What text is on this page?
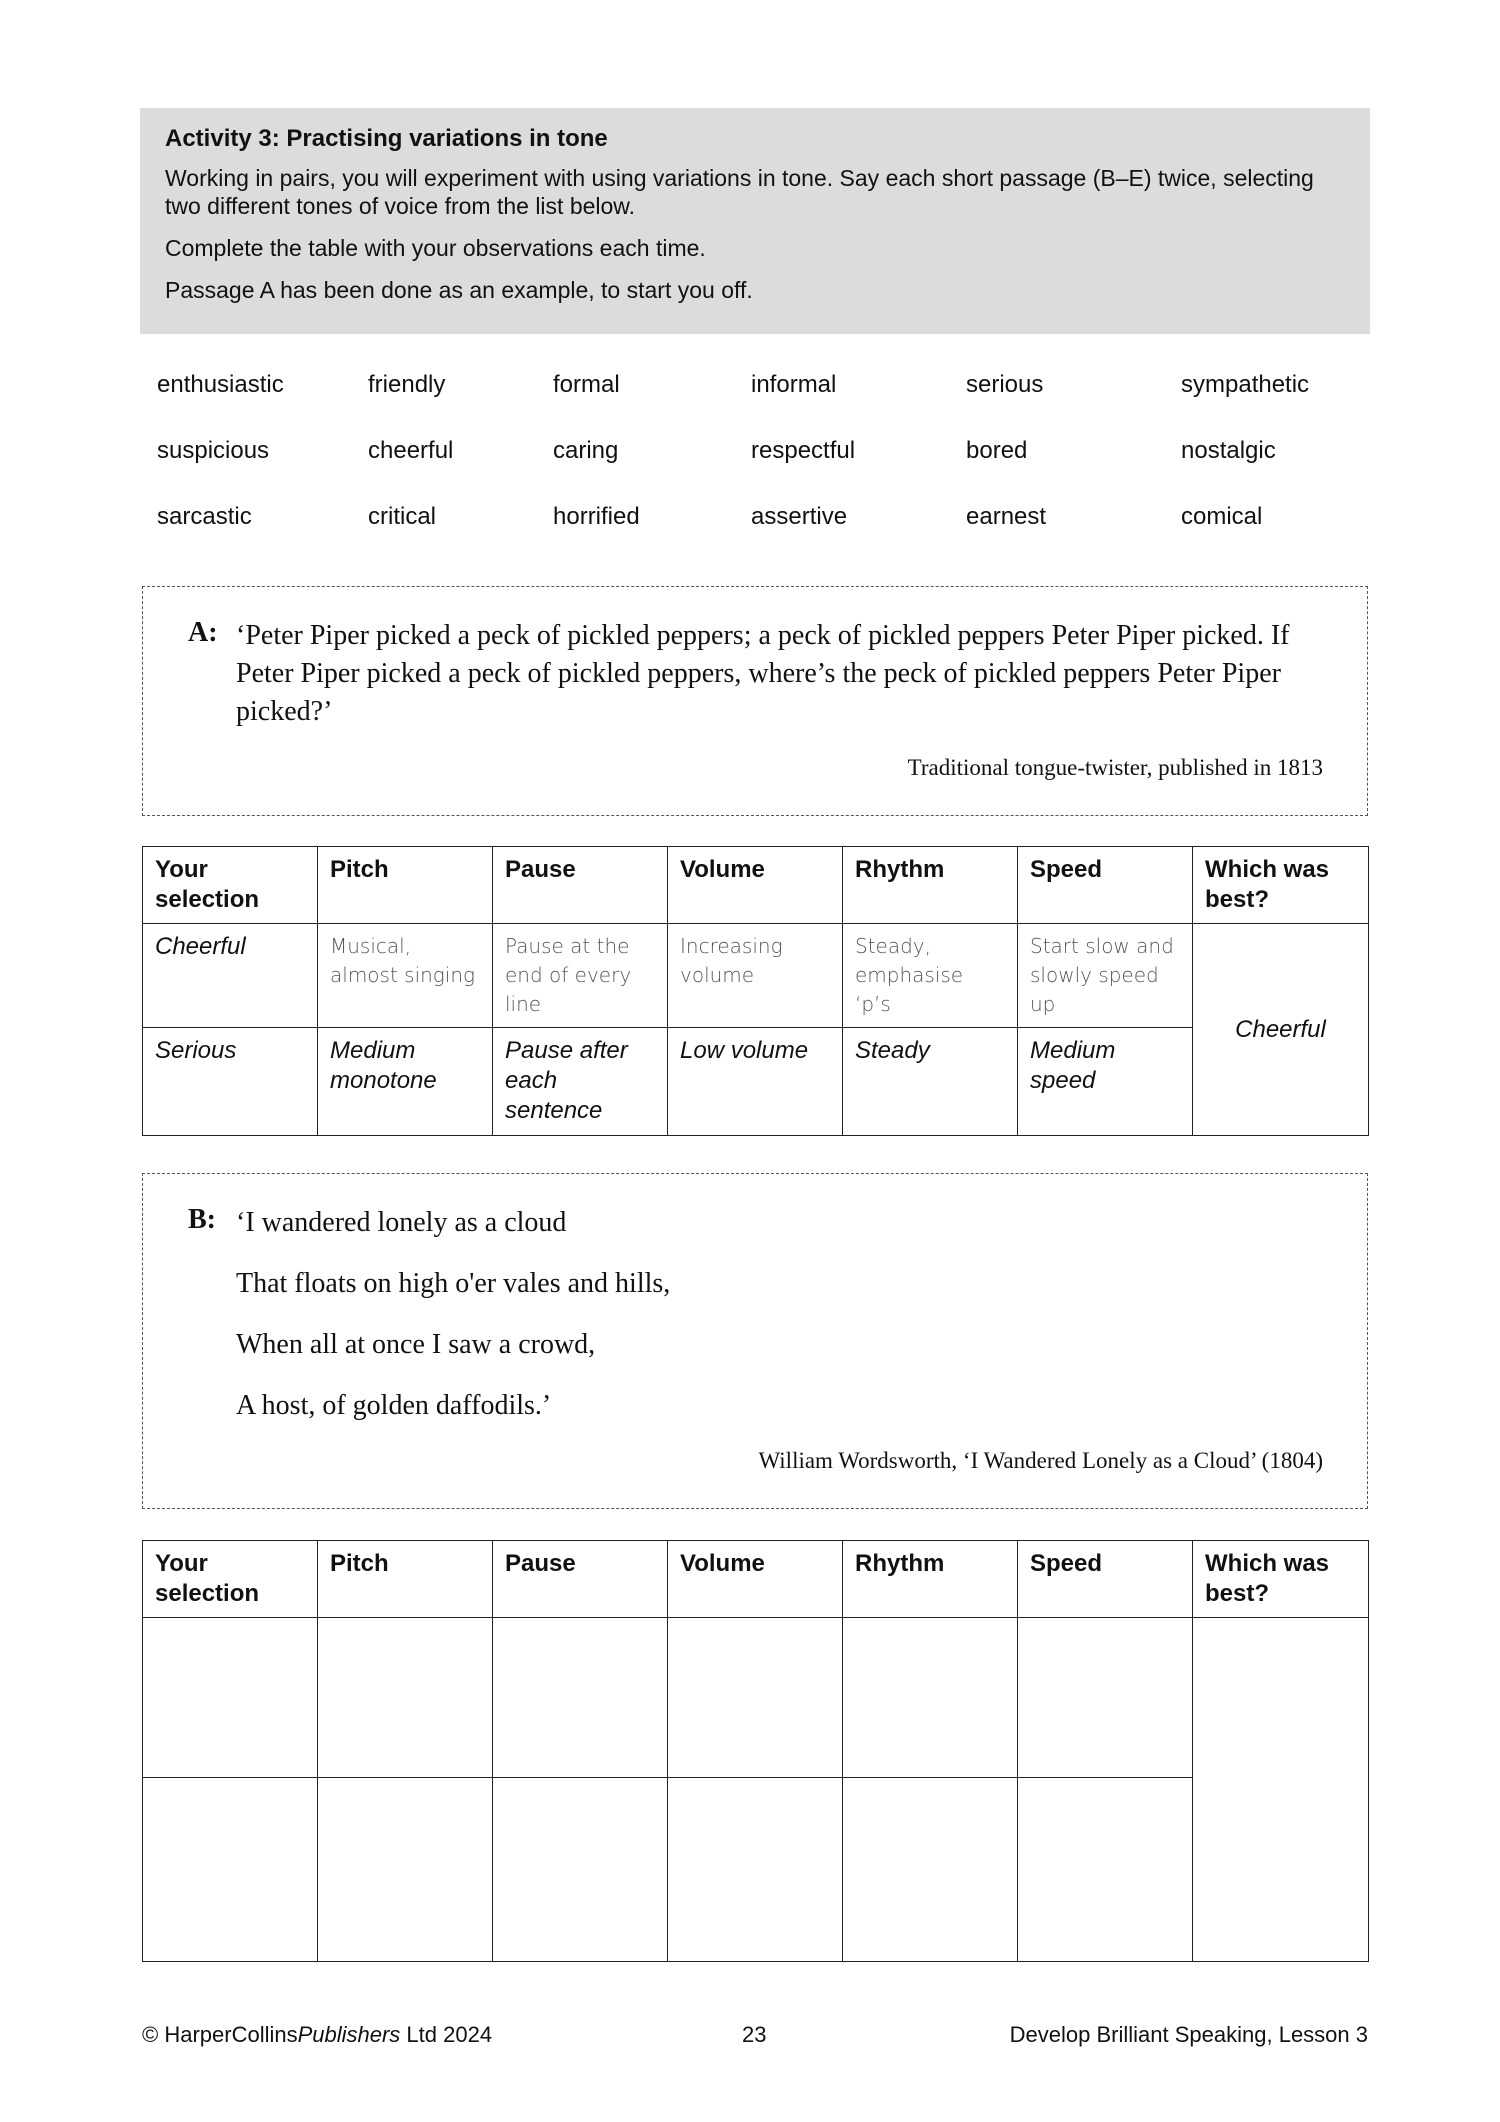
Activity 3: Practising variations in tone
Working in pairs, you will experiment with using variations in tone. Say each short passage (B–E) twice, selecting two different tones of voice from the list below.
Complete the table with your observations each time.
Passage A has been done as an example, to start you off.
enthusiastic	friendly	formal	informal	serious	sympathetic
suspicious	cheerful	caring	respectful	bored	nostalgic
sarcastic	critical	horrified	assertive	earnest	comical
A: ‘Peter Piper picked a peck of pickled peppers; a peck of pickled peppers Peter Piper picked. If Peter Piper picked a peck of pickled peppers, where’s the peck of pickled peppers Peter Piper picked?’
Traditional tongue-twister, published in 1813
Your selection	Pitch	Pause	Volume	Rhythm	Speed	Which was best?
Cheerful	Musical, almost singing	Pause at the end of every line	Increasing volume	Steady, emphasise ‘p’s	Start slow and slowly speed up	Cheerful
Serious	Medium monotone	Pause after each sentence	Low volume	Steady	Medium speed	
B: ‘I wandered lonely as a cloud
That floats on high o'er vales and hills,
When all at once I saw a crowd,
A host, of golden daffodils.’
William Wordsworth, ‘I Wandered Lonely as a Cloud’ (1804)
Your selection	Pitch	Pause	Volume	Rhythm	Speed	Which was best?

© HarperCollinsPublishers Ltd 2024	23	Develop Brilliant Speaking, Lesson 3
